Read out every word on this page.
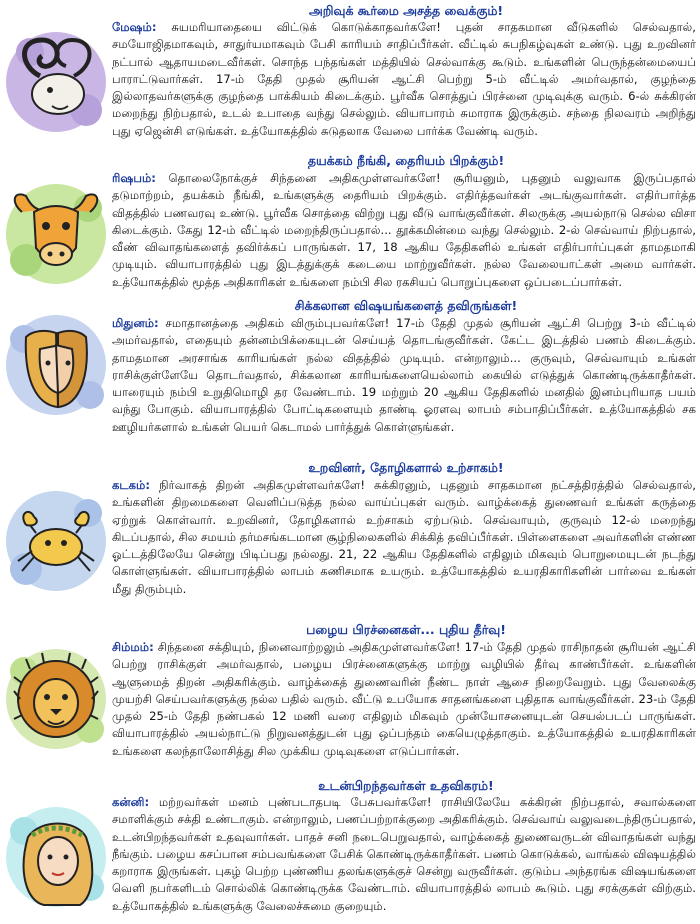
அறிவுக் கூர்மை அசத்த வைக்கும்!

மேஷம்: சுயமரியாதையை விட்டுக் கொடுக்காதவர்களே! புதன் சாதகமான வீடுகளில் செல்வதால், சமயோஜிதமாகவும், சாதுர்யமாகவும் பேசி காரியம் சாதிப்பீர்கள். வீட்டில் சுபநிகழ்வுகள் உண்டு. புது உறவினர் நட்பால் ஆதாயமடைவீர்கள். சொந்த பந்தங்கள் மத்தியில் செல்வாக்கு கூடும். உங்களின் பெருந்தன்மையைப் பாராட்டுவார்கள். 17-ம் தேதி முதல் சூரியன் ஆட்சி பெற்று 5-ம் வீட்டில் அமர்வதால், குழந்தை இல்லாதவர்களுக்கு குழந்தை பாக்கியம் கிடைக்கும். பூர்வீக சொத்துப் பிரச்னை முடிவுக்கு வரும். 6-ல் சுக்கிரன் மறைந்து நிற்பதால், உடல் உபாதை வந்து செல்லும். வியாபாரம் சுமாராக இருக்கும். சந்தை நிலவரம் அறிந்து புது ஏஜென்சி எடுங்கள். உத்யோகத்தில் சுடுதலாக வேலை பார்க்க வேண்டி வரும்.

தயக்கம் நீங்கி, தைரியம் பிறக்கும்!

ரிஷபம்: தொலைநோக்குச் சிந்தனை அதிகமுள்ளவர்களே! சூரியனும், புதனும் வலுவாக இருப்பதால் தடுமாற்றம், தயக்கம் நீங்கி, உங்களுக்கு தைரியம் பிறக்கும். எதிர்த்தவர்கள் அடங்குவார்கள். எதிர்பார்த்த விதத்தில் பணவரவு உண்டு. பூர்வீக சொத்தை விற்று புது வீடு வாங்குவீர்கள். சிலருக்கு அயல்நாடு செல்ல விசா கிடைக்கும். கேது 12-ம் வீட்டில் மறைந்திருப்பதால்... தூக்கமின்மை வந்து செல்லும். 2-ல் செவ்வாய் நிற்பதால், வீண் விவாதங்களைத் தவிர்க்கப் பாருங்கள். 17, 18 ஆகிய தேதிகளில் உங்கள் எதிர்பார்ப்புகள் தாமதமாகி முடியும். வியாபாரத்தில் புது இடத்துக்குக் கடையை மாற்றுவீர்கள். நல்ல வேலையாட்கள் அமை வார்கள். உத்யோகத்தில் மூத்த அதிகாரிகள் உங்களை நம்பி சில ரகசியப் பொறுப்புகளை ஒப்படைப்பார்கள்.

சிக்கலான விஷயங்களைத் தவிருங்கள்!

மிதுனம்: சமாதானத்தை அதிகம் விரும்புபவர்களே! 17-ம் தேதி முதல் சூரியன் ஆட்சி பெற்று 3-ம் வீட்டில் அமர்வதால், எதையும் தன்னம்பிக்கையுடன் செய்யத் தொடங்குவீர்கள். கேட்ட இடத்தில் பணம் கிடைக்கும். தாமதமான அரசாங்க காரியங்கள் நல்ல விதத்தில் முடியும். என்றாலும்... குருவும், செவ்வாயும் உங்கள் ராசிக்குள்ளேயே தொடர்வதால், சிக்கலான காரியங்களையெல்லாம் கையில் எடுத்துக் கொண்டிருக்காதீர்கள். யாரையும் நம்பி உறுதிமொழி தர வேண்டாம். 19 மற்றும் 20 ஆகிய தேதிகளில் மனதில் இனம்புரியாத பயம் வந்து போகும். வியாபாரத்தில் போட்டிகளையும் தாண்டி ஓரளவு லாபம் சம்பாதிப்பீர்கள். உத்யோகத்தில் சக ஊழியர்களால் உங்கள் பெயர் கெடாமல் பார்த்துக் கொள்ளுங்கள்.

உறவினர், தோழிகளால் உற்சாகம்!

கடகம்: நிர்வாகத் திறன் அதிகமுள்ளவர்களே! சுக்கிரனும், புதனும் சாதகமான நட்சத்திரத்தில் செல்வதால், உங்களின் திறமைகளை வெளிப்படுத்த நல்ல வாய்ப்புகள் வரும். வாழ்க்கைத் துணைவர் உங்கள் கருத்தை ஏற்றுக் கொள்வார். உறவினர், தோழிகளால் உற்சாகம் ஏற்படும். செவ்வாயும், குருவும் 12-ல் மறைந்து கிடப்பதால், சில சமயம் தர்மசங்கடமான சூழ்நிலைகளில் சிக்கித் தவிப்பீர்கள். பிள்ளைகளை அவர்களின் எண்ண ஓட்டத்திலேயே சென்று பிடிப்பது நல்லது. 21, 22 ஆகிய தேதிகளில் எதிலும் மிகவும் பொறுமையுடன் நடந்து கொள்ளுங்கள். வியாபாரத்தில் லாபம் கணிசமாக உயரும். உத்யோகத்தில் உயரதிகாரிகளின் பார்வை உங்கள் மீது திரும்பும்.

பழைய பிரச்னைகள்... புதிய தீர்வு!

சிம்மம்: சிந்தனை சக்தியும், நினைவாற்றலும் அதிகமுள்ளவர்களே! 17-ம் தேதி முதல் ராசிநாதன் சூரியன் ஆட்சி பெற்று ராசிக்குள் அமர்வதால், பழைய பிரச்னைகளுக்கு மாற்று வழியில் தீர்வு காண்பீர்கள். உங்களின் ஆளுமைத் திறன் அதிகரிக்கும். வாழ்க்கைத் துணைவரின் நீண்ட நாள் ஆசை நிறைவேறும். புது வேலைக்கு முயற்சி செய்பவர்களுக்கு நல்ல பதில் வரும். வீட்டு உபயோக சாதனங்களை புதிதாக வாங்குவீர்கள். 23-ம் தேதி முதல் 25-ம் தேதி நண்பகல் 12 மணி வரை எதிலும் மிகவும் முன்யோசனையுடன் செயல்படப் பாருங்கள். வியாபாரத்தில் அயல்நாட்டு நிறுவனத்துடன் புது ஒப்பந்தம் கையெழுத்தாகும். உத்யோகத்தில் உயரதிகாரிகள் உங்களை கலந்தாலோசித்து சில முக்கிய முடிவுகளை எடுப்பார்கள்.

உடன்பிறந்தவர்கள் உதவிகரம்!

கன்னி: மற்றவர்கள் மனம் புண்படாதபடி பேசுபவர்களே! ராசியிலேயே சுக்கிரன் நிற்பதால், சவால்களை சமாளிக்கும் சக்தி உண்டாகும். என்றாலும், பணப்பற்றாக்குறை அதிகரிக்கும். செவ்வாய் வலுவடைந்திருப்பதால், உடன்பிறந்தவர்கள் உதவுவார்கள். பாதச் சனி நடைபெறுவதால், வாழ்க்கைத் துணைவருடன் விவாதங்கள் வந்து நீங்கும். பழைய கசப்பான சம்பவங்களை பேசிக் கொண்டிருக்காதீர்கள். பணம் கொடுக்கல், வாங்கல் விஷயத்தில் கறாராக இருங்கள். புகழ் பெற்ற புண்ணிய தலங்களுக்குச் சென்று வருவீர்கள். குடும்ப அந்தரங்க விஷயங்களை வெளி நபர்களிடம் சொல்லிக் கொண்டிருக்க வேண்டாம். வியாபாரத்தில் லாபம் கூடும். புது சரக்குகள் விற்கும். உத்யோகத்தில் உங்களுக்கு வேலைச்சுமை குறையும்.
